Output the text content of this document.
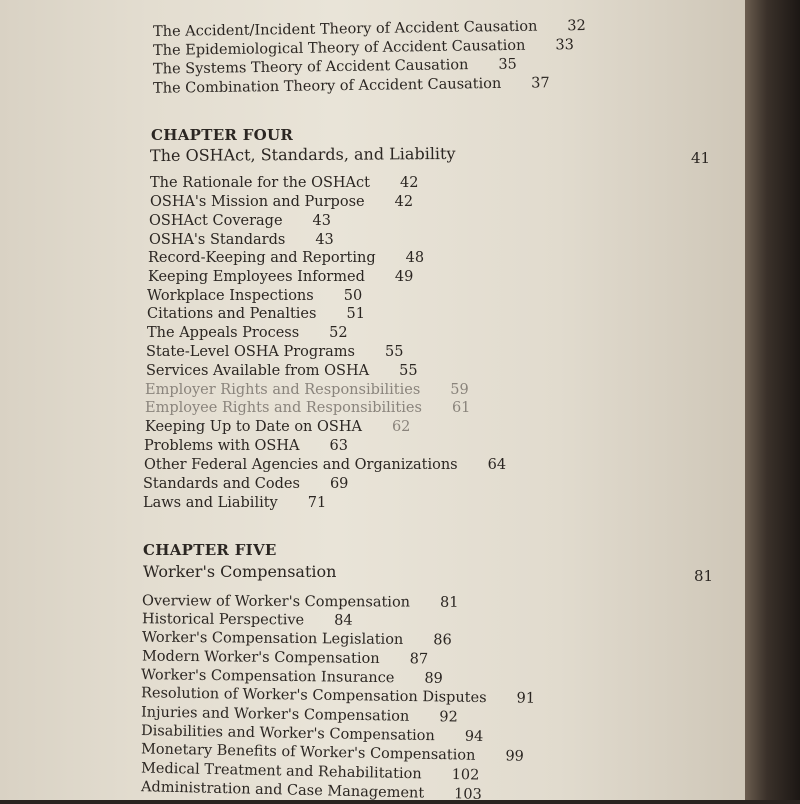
The Accident/Incident Theory of Accident Causation 32
The Epidemiological Theory of Accident Causation 33
The Systems Theory of Accident Causation 35
The Combination Theory of Accident Causation 37
CHAPTER FOUR
The OSHAct, Standards, and Liability	41
The Rationale for the OSHAct 42
OSHA's Mission and Purpose 42
OSHAct Coverage 43
OSHA's Standards 43
Record-Keeping and Reporting 48
Keeping Employees Informed 49
Workplace Inspections 50
Citations and Penalties 51
The Appeals Process 52
State-Level OSHA Programs 55
Services Available from OSHA 55
Employer Rights and Responsibilities 59
Employee Rights and Responsibilities 61
Keeping Up to Date on OSHA 62
Problems with OSHA 63
Other Federal Agencies and Organizations 64
Standards and Codes 69
Laws and Liability 71
CHAPTER FIVE
Worker's Compensation	81
Overview of Worker's Compensation 81
Historical Perspective 84
Worker's Compensation Legislation 86
Modern Worker's Compensation 87
Worker's Compensation Insurance 89
Resolution of Worker's Compensation Disputes 91
Injuries and Worker's Compensation 92
Disabilities and Worker's Compensation 94
Monetary Benefits of Worker's Compensation 99
Medical Treatment and Rehabilitation 102
Administration and Case Management 103
